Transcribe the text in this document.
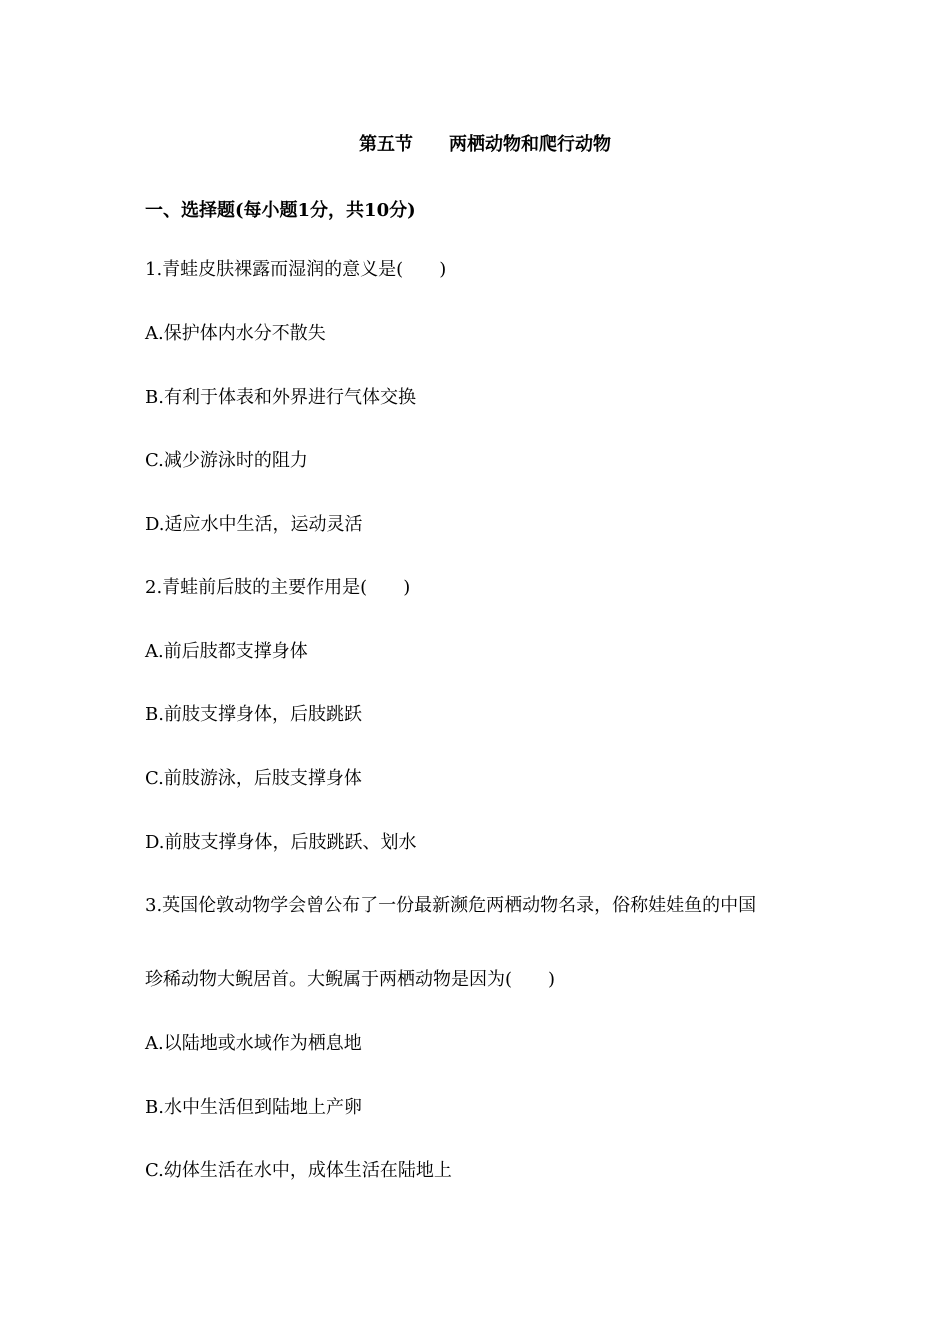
第五节　　两栖动物和爬行动物
一、选择题(每小题1分，共10分)
1.青蛙皮肤裸露而湿润的意义是(　　)
A.保护体内水分不散失
B.有利于体表和外界进行气体交换
C.减少游泳时的阻力
D.适应水中生活，运动灵活
2.青蛙前后肢的主要作用是(　　)
A.前后肢都支撑身体
B.前肢支撑身体，后肢跳跃
C.前肢游泳，后肢支撑身体
D.前肢支撑身体，后肢跳跃、划水
3.英国伦敦动物学会曾公布了一份最新濒危两栖动物名录，俗称娃娃鱼的中国
珍稀动物大鲵居首。大鲵属于两栖动物是因为(　　)
A.以陆地或水域作为栖息地
B.水中生活但到陆地上产卵
C.幼体生活在水中，成体生活在陆地上
